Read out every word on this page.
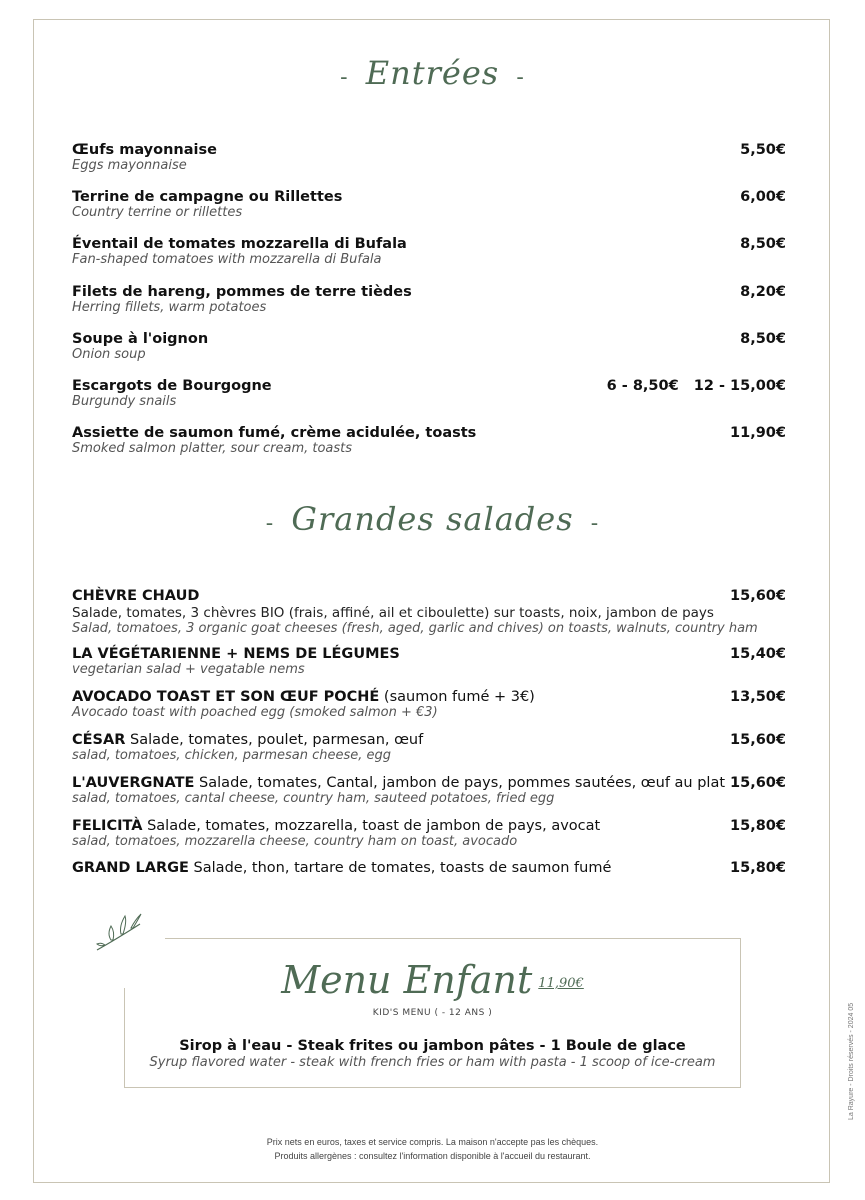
- Entrées -
Œufs mayonnaise
Eggs mayonnaise
5,50€
Terrine de campagne ou Rillettes
Country terrine or rillettes
6,00€
Éventail de tomates mozzarella di Bufala
Fan-shaped tomatoes with mozzarella di Bufala
8,50€
Filets de hareng, pommes de terre tièdes
Herring fillets, warm potatoes
8,20€
Soupe à l'oignon
Onion soup
8,50€
Escargots de Bourgogne
Burgundy snails
6 - 8,50€ 12 - 15,00€
Assiette de saumon fumé, crème acidulée, toasts
Smoked salmon platter, sour cream, toasts
11,90€
- Grandes salades -
CHÈVRE CHAUD
Salade, tomates, 3 chèvres BIO (frais, affiné, ail et ciboulette) sur toasts, noix, jambon de pays
Salad, tomatoes, 3 organic goat cheeses (fresh, aged, garlic and chives) on toasts, walnuts, country ham
15,60€
LA VÉGÉTARIENNE + NEMS DE LÉGUMES
vegetarian salad + vegatable nems
15,40€
AVOCADO TOAST ET SON ŒUF POCHÉ (saumon fumé + 3€)
Avocado toast with poached egg (smoked salmon + €3)
13,50€
CÉSAR Salade, tomates, poulet, parmesan, œuf
salad, tomatoes, chicken, parmesan cheese, egg
15,60€
L'AUVERGNATE Salade, tomates, Cantal, jambon de pays, pommes sautées, œuf au plat
salad, tomatoes, cantal cheese, country ham, sauteed potatoes, fried egg
15,60€
FELICITÀ Salade, tomates, mozzarella, toast de jambon de pays, avocat
salad, tomatoes, mozzarella cheese, country ham on toast, avocado
15,80€
GRAND LARGE Salade, thon, tartare de tomates, toasts de saumon fumé	15,80€
Menu Enfant 11,90€
KID'S MENU ( - 12 ANS )
Sirop à l'eau - Steak frites ou jambon pâtes - 1 Boule de glace
Syrup flavored water - steak with french fries or ham with pasta - 1 scoop of ice-cream
Prix nets en euros, taxes et service compris. La maison n'accepte pas les chèques.
Produits allergènes : consultez l'information disponible à l'accueil du restaurant.
La Rayure - Droits réservés - 2024 05
